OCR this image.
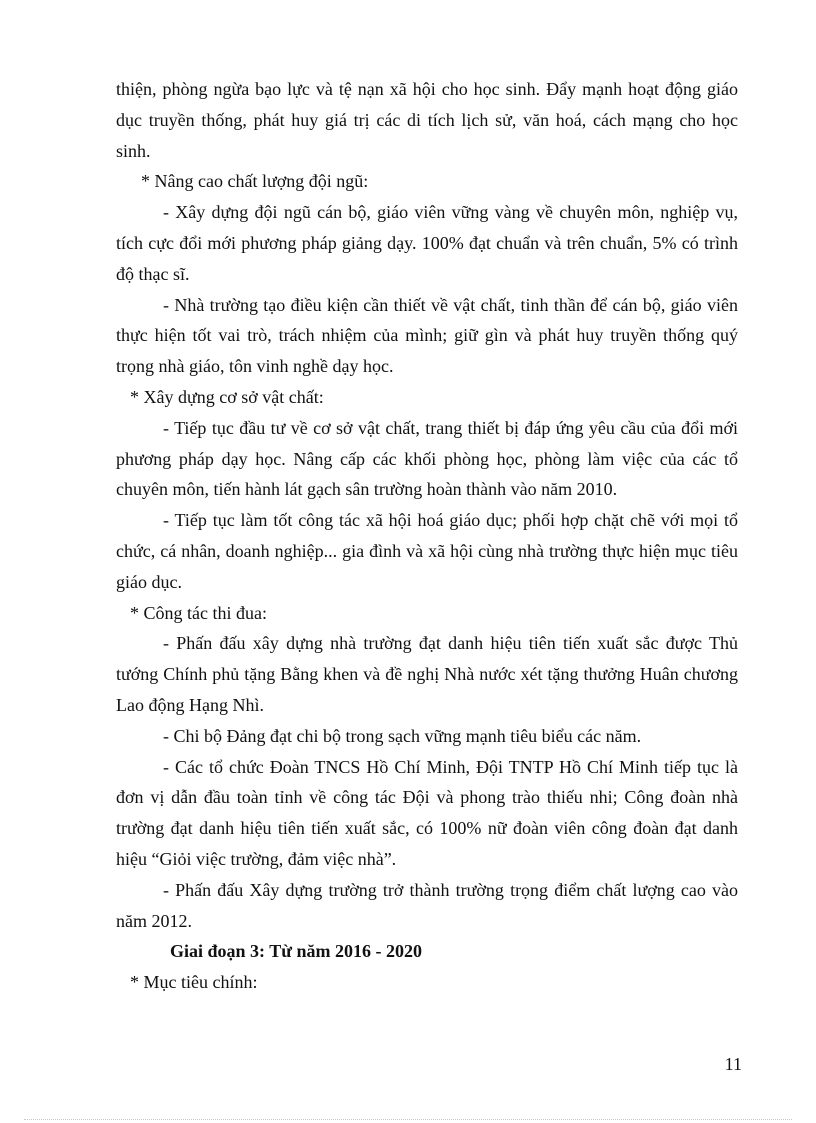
thiện, phòng ngừa bạo lực và tệ nạn xã hội cho học sinh. Đẩy mạnh hoạt động giáo dục truyền thống, phát huy giá trị các di tích lịch sử, văn hoá, cách mạng cho học sinh.

* Nâng cao chất lượng đội ngũ:

- Xây dựng đội ngũ cán bộ, giáo viên vững vàng về chuyên môn, nghiệp vụ, tích cực đổi mới phương pháp giảng dạy. 100% đạt chuẩn và trên chuẩn, 5% có trình độ thạc sĩ.

- Nhà trường tạo điều kiện cần thiết về vật chất, tinh thần để cán bộ, giáo viên thực hiện tốt vai trò, trách nhiệm của mình; giữ gìn và phát huy truyền thống quý trọng nhà giáo, tôn vinh nghề dạy học.

* Xây dựng cơ sở vật chất:

- Tiếp tục đầu tư về cơ sở vật chất, trang thiết bị đáp ứng yêu cầu của đổi mới phương pháp dạy học. Nâng cấp các khối phòng học, phòng làm việc của các tổ chuyên môn, tiến hành lát gạch sân trường hoàn thành vào năm 2010.

- Tiếp tục làm tốt công tác xã hội hoá giáo dục; phối hợp chặt chẽ với mọi tổ chức, cá nhân, doanh nghiệp... gia đình và xã hội cùng nhà trường thực hiện mục tiêu giáo dục.

* Công tác thi đua:

- Phấn đấu xây dựng nhà trường đạt danh hiệu tiên tiến xuất sắc được Thủ tướng Chính phủ tặng Bằng khen và đề nghị Nhà nước xét tặng thưởng Huân chương Lao động Hạng Nhì.

- Chi bộ Đảng đạt chi bộ trong sạch vững mạnh tiêu biểu các năm.

- Các tổ chức Đoàn TNCS Hồ Chí Minh, Đội TNTP Hồ Chí Minh tiếp tục là đơn vị dẫn đầu toàn tỉnh về công tác Đội và phong trào thiếu nhi; Công đoàn nhà trường đạt danh hiệu tiên tiến xuất sắc, có 100% nữ đoàn viên công đoàn đạt danh hiệu “Giỏi việc trường, đảm việc nhà”.

- Phấn đấu Xây dựng trường trở thành trường trọng điểm chất lượng cao vào năm 2012.

Giai đoạn 3: Từ năm 2016 - 2020

* Mục tiêu chính:

11
